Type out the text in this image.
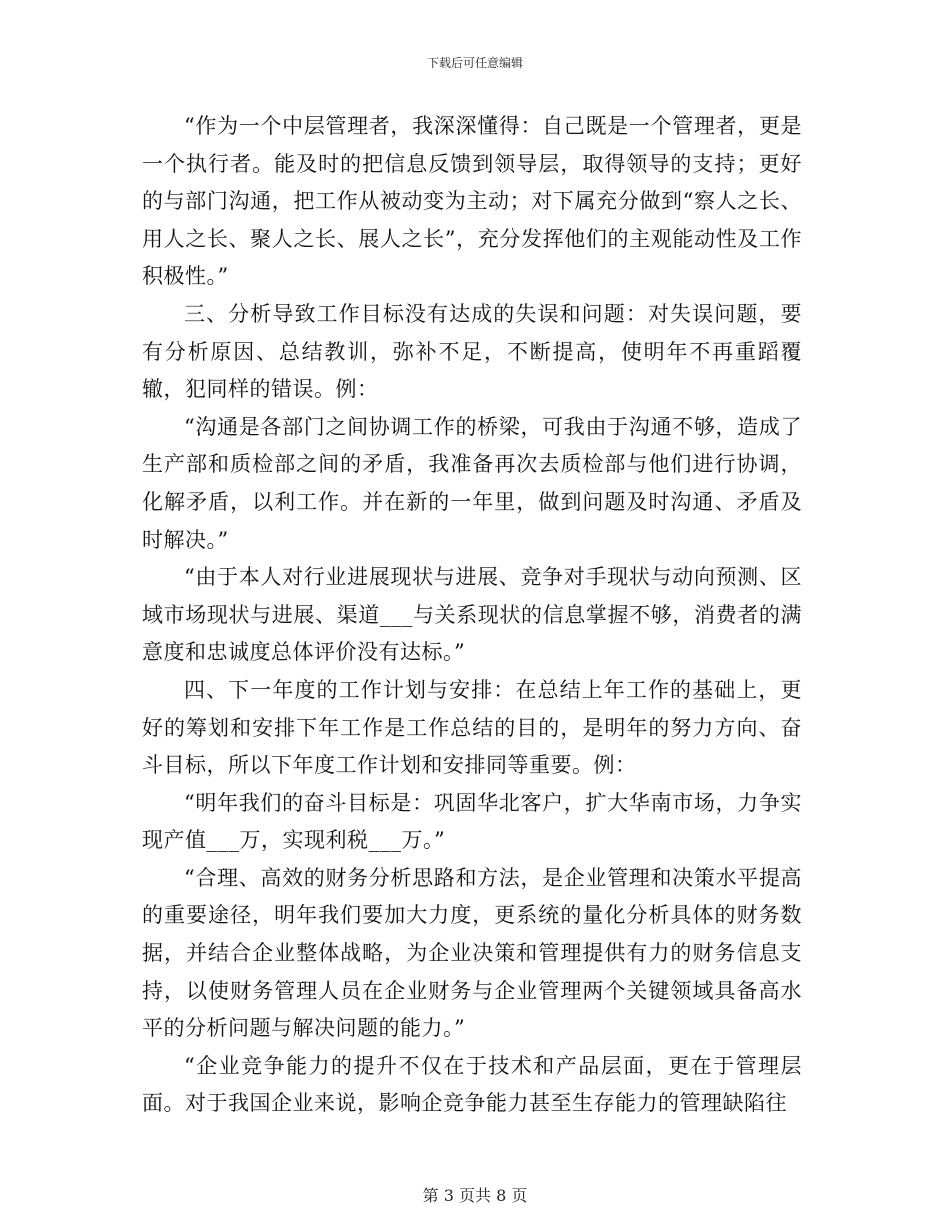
下载后可任意编辑

“作为一个中层管理者，我深深懂得：自己既是一个管理者，更是一个执行者。能及时的把信息反馈到领导层，取得领导的支持；更好的与部门沟通，把工作从被动变为主动；对下属充分做到“察人之长、用人之长、聚人之长、展人之长”，充分发挥他们的主观能动性及工作积极性。”

三、分析导致工作目标没有达成的失误和问题：对失误问题，要有分析原因、总结教训，弥补不足，不断提高，使明年不再重蹈覆辙，犯同样的错误。例：

“沟通是各部门之间协调工作的桥梁，可我由于沟通不够，造成了生产部和质检部之间的矛盾，我准备再次去质检部与他们进行协调，化解矛盾，以利工作。并在新的一年里，做到问题及时沟通、矛盾及时解决。”

“由于本人对行业进展现状与进展、竞争对手现状与动向预测、区域市场现状与进展、渠道___与关系现状的信息掌握不够，消费者的满意度和忠诚度总体评价没有达标。”

四、下一年度的工作计划与安排：在总结上年工作的基础上，更好的筹划和安排下年工作是工作总结的目的，是明年的努力方向、奋斗目标，所以下年度工作计划和安排同等重要。例：

“明年我们的奋斗目标是：巩固华北客户，扩大华南市场，力争实现产值___万，实现利税___万。”

“合理、高效的财务分析思路和方法，是企业管理和决策水平提高的重要途径，明年我们要加大力度，更系统的量化分析具体的财务数据，并结合企业整体战略，为企业决策和管理提供有力的财务信息支持，以使财务管理人员在企业财务与企业管理两个关键领域具备高水平的分析问题与解决问题的能力。”

“企业竞争能力的提升不仅在于技术和产品层面，更在于管理层面。对于我国企业来说，影响企竞争能力甚至生存能力的管理缺陷往

第 3 页共 8 页
